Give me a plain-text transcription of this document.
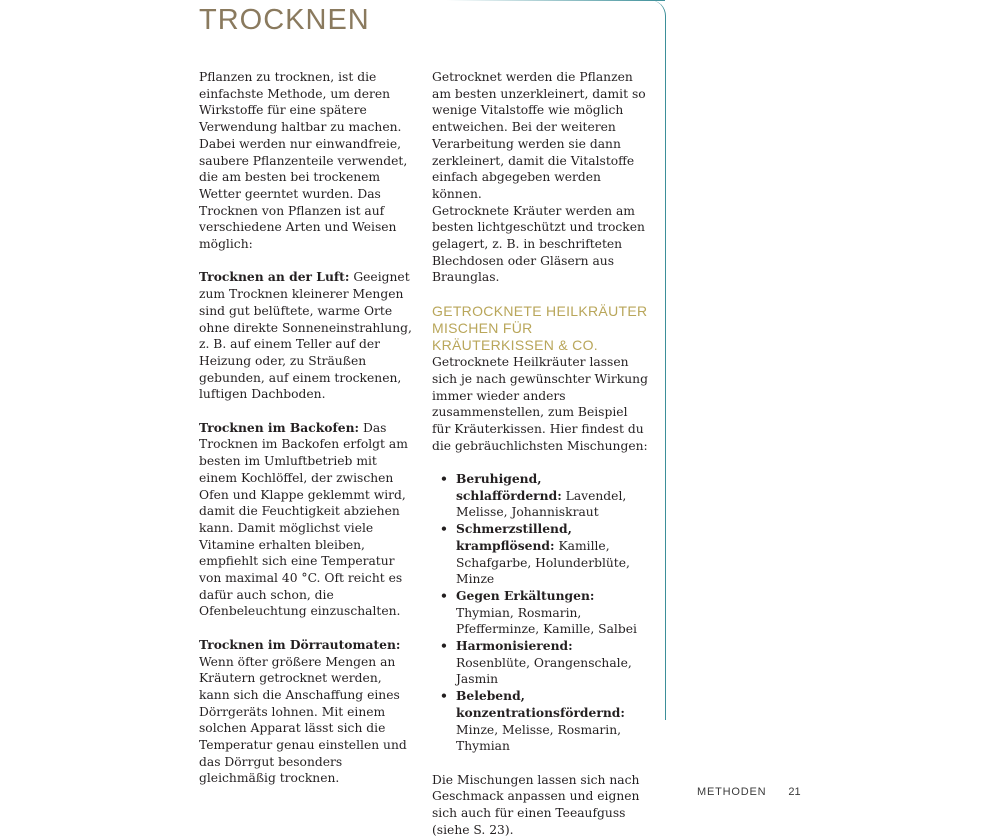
TROCKNEN

Pflanzen zu trocknen, ist die einfachste Methode, um deren Wirkstoffe für eine spätere Verwendung haltbar zu machen. Dabei werden nur einwandfreie, saubere Pflanzenteile verwendet, die am besten bei trockenem Wetter geerntet wurden. Das Trocknen von Pflanzen ist auf verschiedene Arten und Weisen möglich:

Trocknen an der Luft: Geeignet zum Trocknen kleinerer Mengen sind gut belüftete, warme Orte ohne direkte Sonneneinstrahlung, z. B. auf einem Teller auf der Heizung oder, zu Sträußen gebunden, auf einem trockenen, luftigen Dachboden.

Trocknen im Backofen: Das Trocknen im Backofen erfolgt am besten im Umluftbetrieb mit einem Kochlöffel, der zwischen Ofen und Klappe geklemmt wird, damit die Feuchtigkeit abziehen kann. Damit möglichst viele Vitamine erhalten bleiben, empfiehlt sich eine Temperatur von maximal 40 °C. Oft reicht es dafür auch schon, die Ofenbeleuchtung einzuschalten.

Trocknen im Dörrautomaten: Wenn öfter größere Mengen an Kräutern getrocknet werden, kann sich die Anschaffung eines Dörrgeräts lohnen. Mit einem solchen Apparat lässt sich die Temperatur genau einstellen und das Dörrgut besonders gleichmäßig trocknen.

Getrocknet werden die Pflanzen am besten unzerkleinert, damit so wenige Vitalstoffe wie möglich entweichen. Bei der weiteren Verarbeitung werden sie dann zerkleinert, damit die Vitalstoffe einfach abgegeben werden können.

Getrocknete Kräuter werden am besten lichtgeschützt und trocken gelagert, z. B. in beschrifteten Blechdosen oder Gläsern aus Braunglas.

GETROCKNETE HEILKRÄUTER MISCHEN FÜR KRÄUTERKISSEN & CO.

Getrocknete Heilkräuter lassen sich je nach gewünschter Wirkung immer wieder anders zusammenstellen, zum Beispiel für Kräuterkissen. Hier findest du die gebräuchlichsten Mischungen:

• Beruhigend, schlaffördernd: Lavendel, Melisse, Johanniskraut
• Schmerzstillend, krampflösend: Kamille, Schafgarbe, Holunderblüte, Minze
• Gegen Erkältungen: Thymian, Rosmarin, Pfefferminze, Kamille, Salbei
• Harmonisierend: Rosenblüte, Orangenschale, Jasmin
• Belebend, konzentrationsfördernd: Minze, Melisse, Rosmarin, Thymian

Die Mischungen lassen sich nach Geschmack anpassen und eignen sich auch für einen Teeaufguss (siehe S. 23).

METHODEN 21
